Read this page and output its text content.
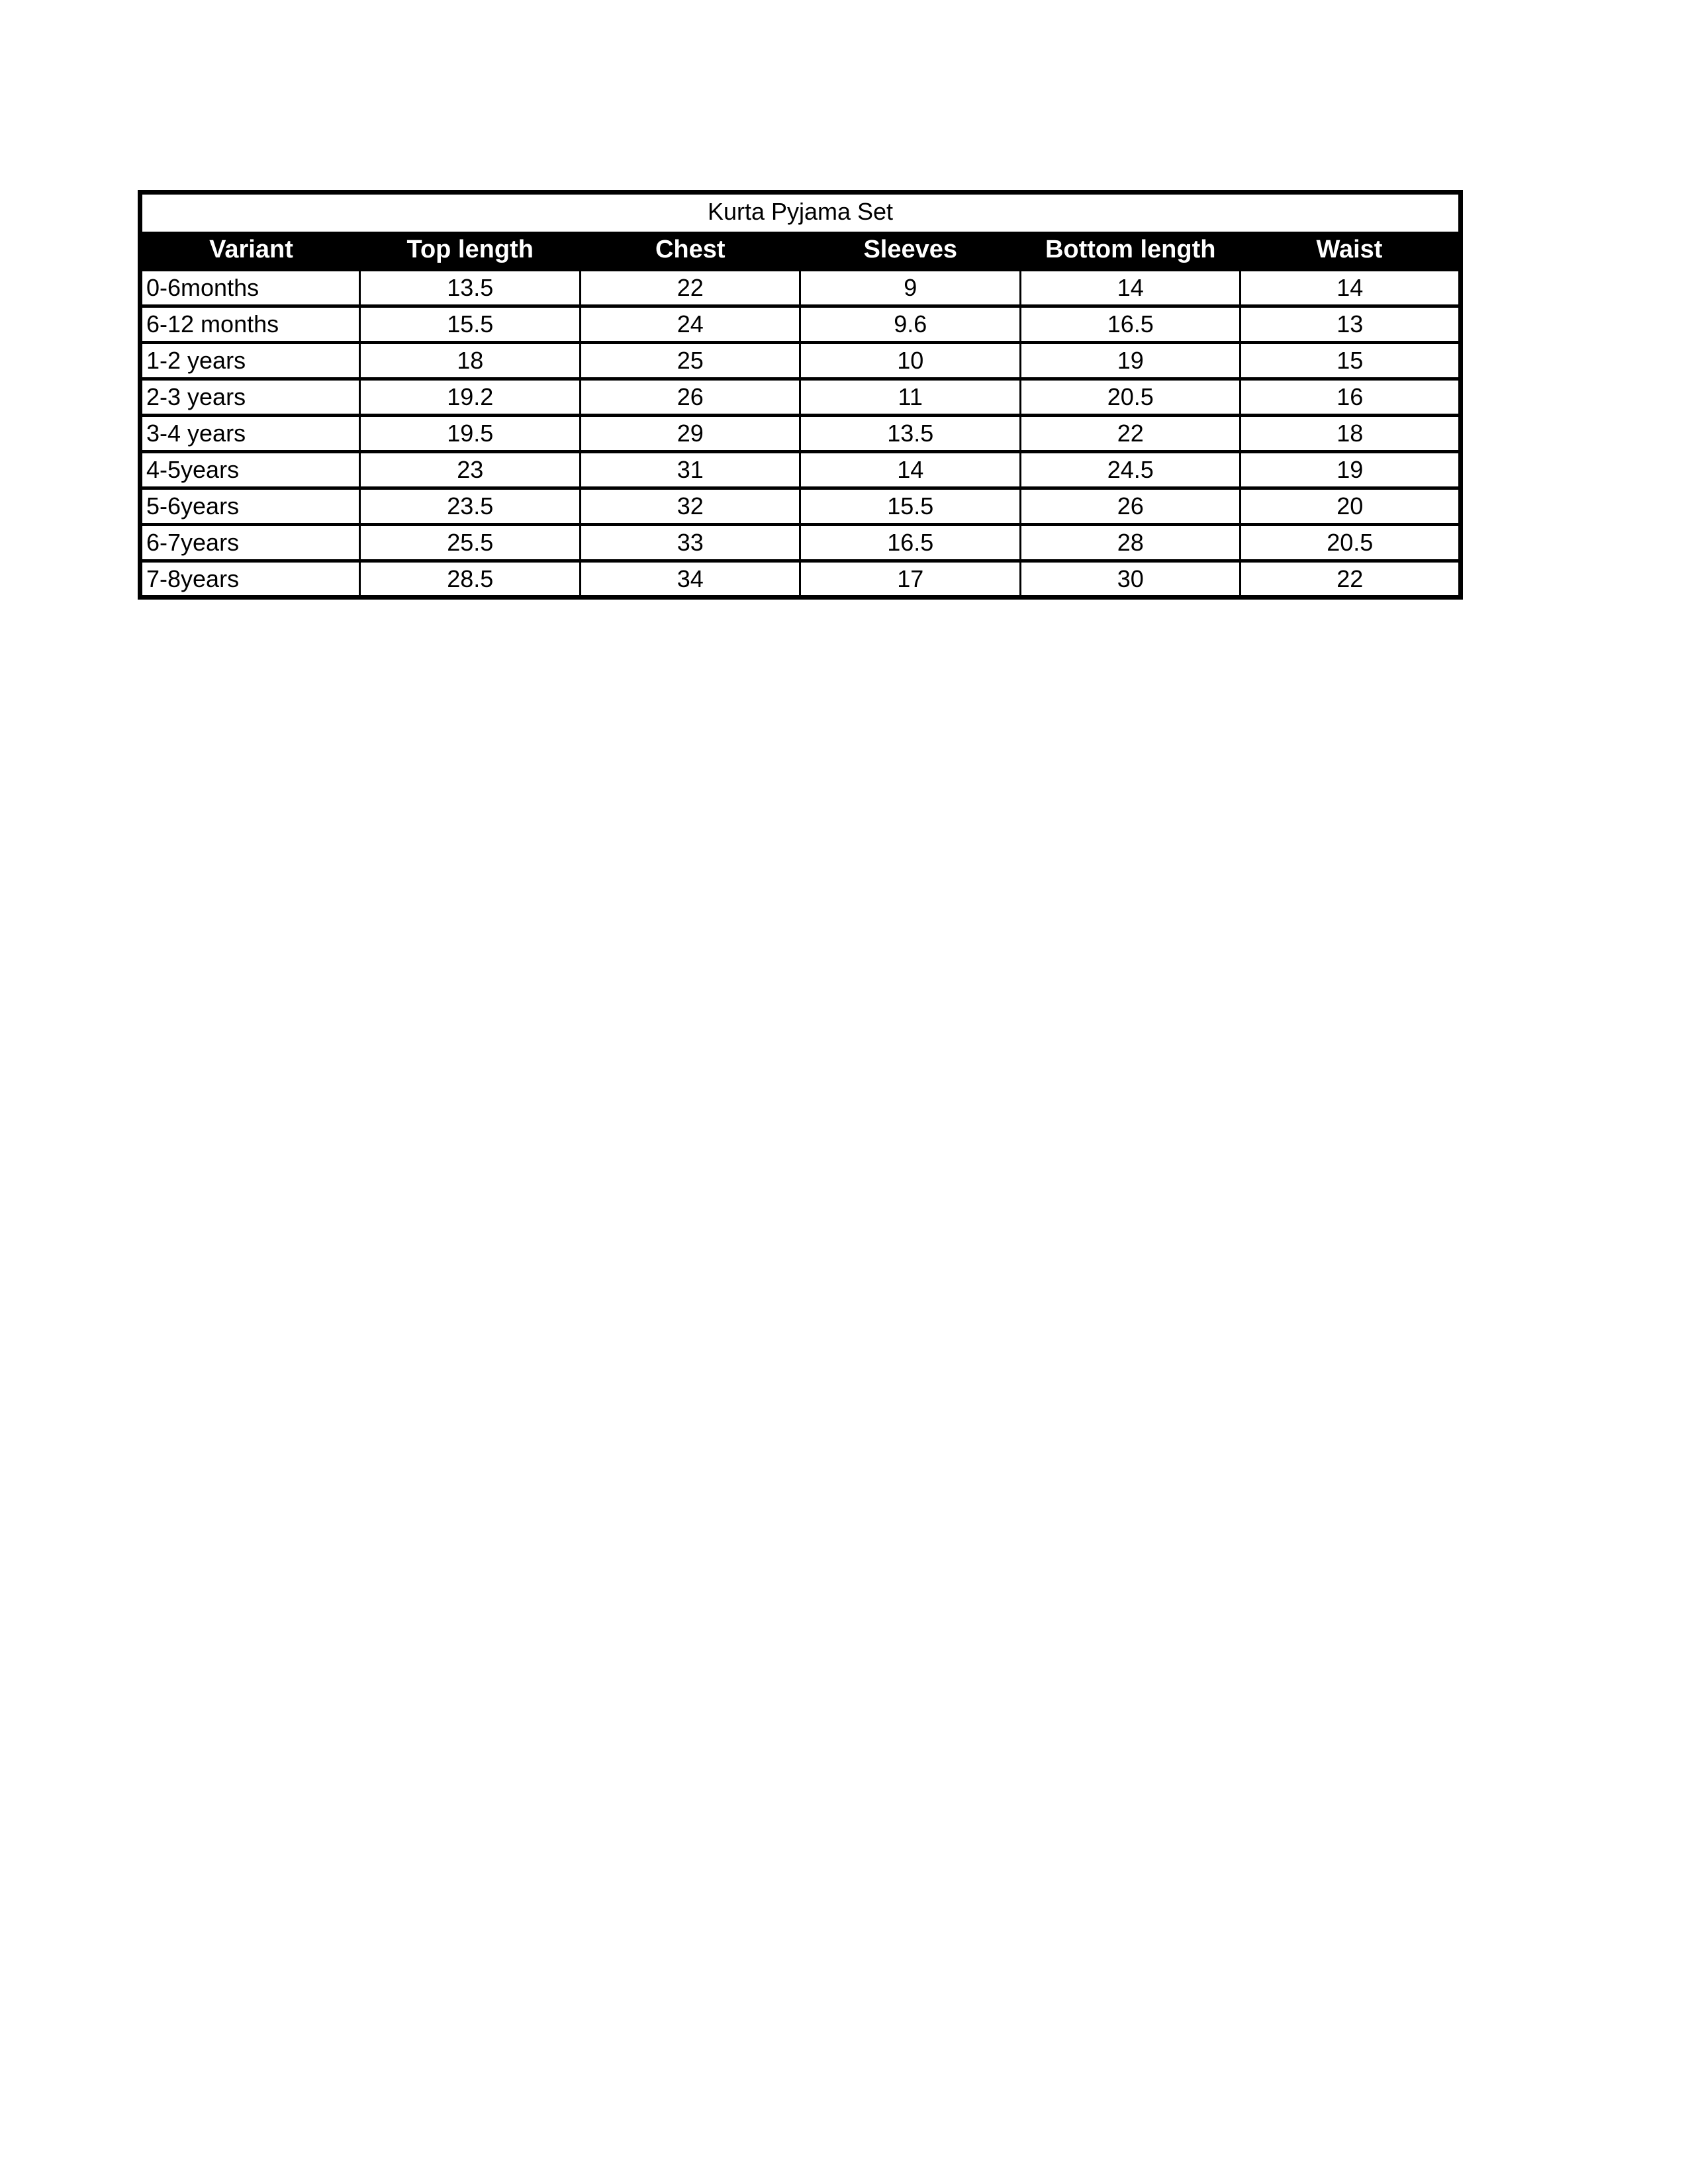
Kurta Pyjama Set					
Variant	Top length	Chest	Sleeves	Bottom length	Waist
0-6months	13.5	22	9	14	14
6-12 months	15.5	24	9.6	16.5	13
1-2 years	18	25	10	19	15
2-3 years	19.2	26	11	20.5	16
3-4 years	19.5	29	13.5	22	18
4-5years	23	31	14	24.5	19
5-6years	23.5	32	15.5	26	20
6-7years	25.5	33	16.5	28	20.5
7-8years	28.5	34	17	30	22
